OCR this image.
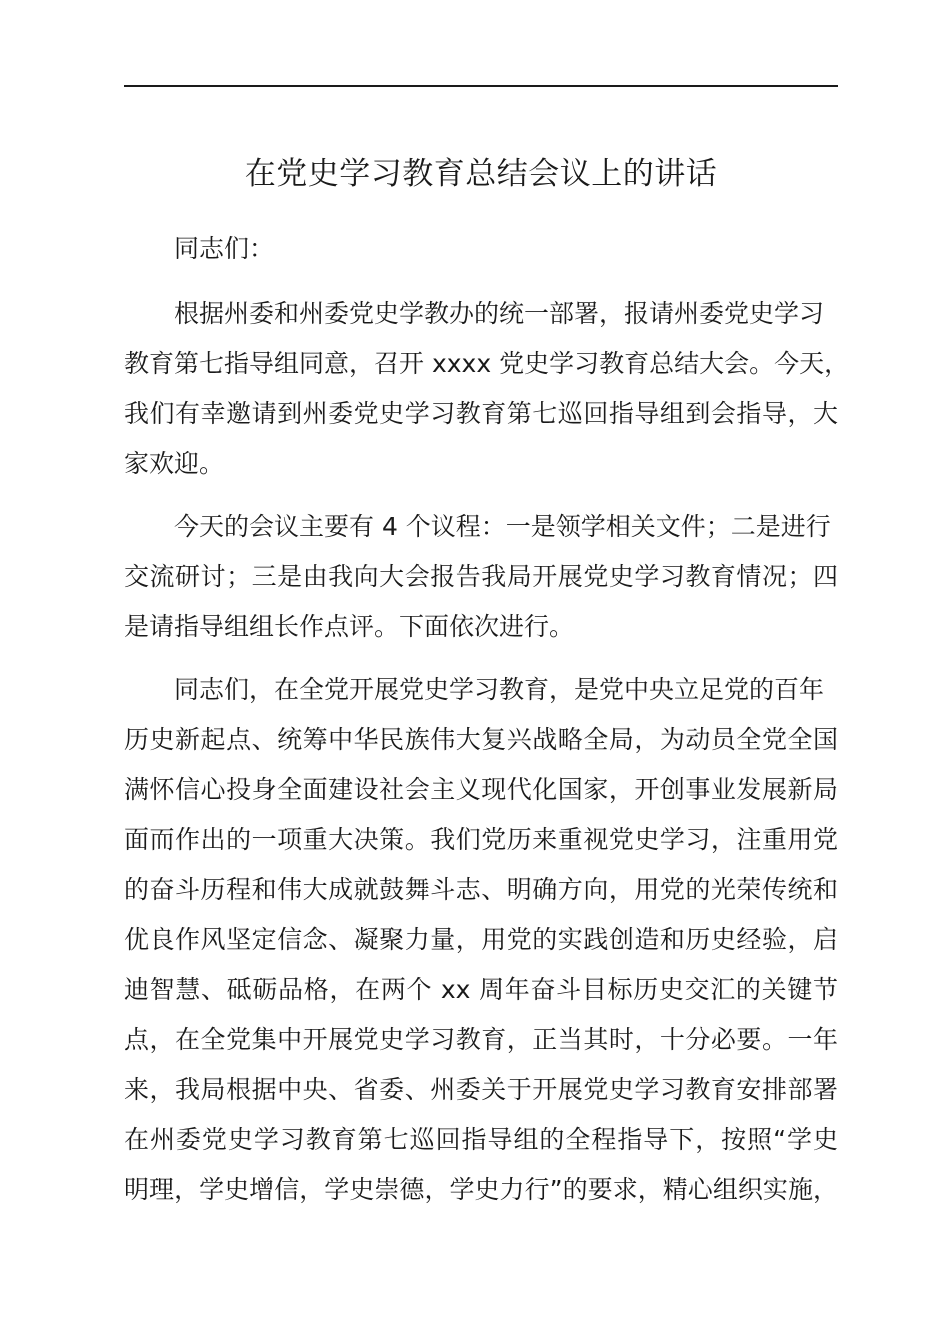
在党史学习教育总结会议上的讲话
同志们：
根据州委和州委党史学教办的统一部署，报请州委党史学习
教育第七指导组同意，召开 xxxx 党史学习教育总结大会。今天，
我们有幸邀请到州委党史学习教育第七巡回指导组到会指导，大
家欢迎。
今天的会议主要有 4 个议程：一是领学相关文件；二是进行
交流研讨；三是由我向大会报告我局开展党史学习教育情况；四
是请指导组组长作点评。下面依次进行。
同志们，在全党开展党史学习教育，是党中央立足党的百年
历史新起点、统筹中华民族伟大复兴战略全局，为动员全党全国
满怀信心投身全面建设社会主义现代化国家，开创事业发展新局
面而作出的一项重大决策。我们党历来重视党史学习，注重用党
的奋斗历程和伟大成就鼓舞斗志、明确方向，用党的光荣传统和
优良作风坚定信念、凝聚力量，用党的实践创造和历史经验，启
迪智慧、砥砺品格，在两个 xx 周年奋斗目标历史交汇的关键节
点，在全党集中开展党史学习教育，正当其时，十分必要。一年
来，我局根据中央、省委、州委关于开展党史学习教育安排部署
在州委党史学习教育第七巡回指导组的全程指导下，按照“学史
明理，学史增信，学史崇德，学史力行”的要求，精心组织实施，
